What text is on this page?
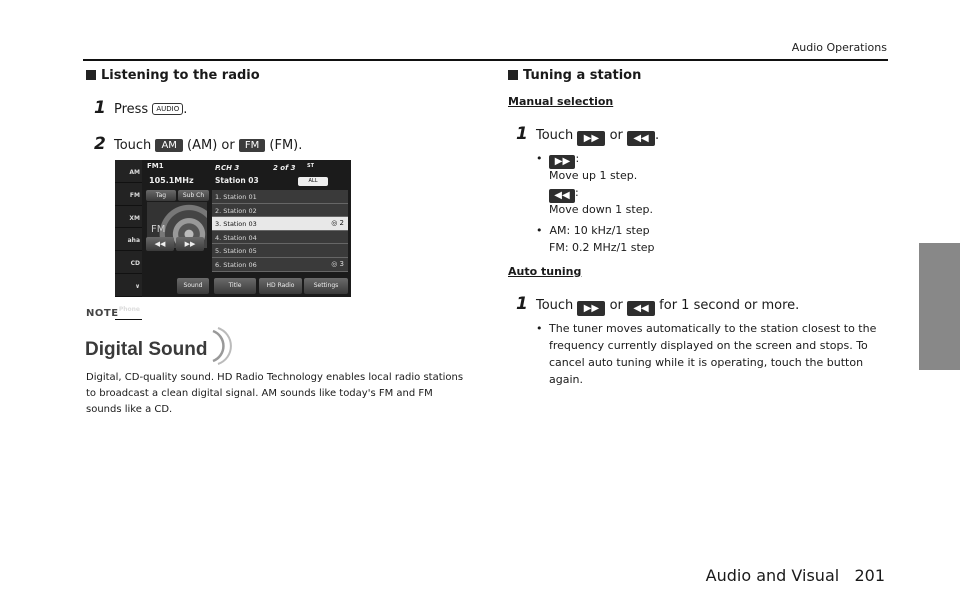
Audio Operations
Listening to the radio
1 Press AUDIO .
2 Touch AM (AM) or FM (FM).
AM
FM
XM
aha
CD
∨
Phone
FM1	P.CH 3	2 of 3
105.1MHz	Station 03
ST
ALL
Tag	Sub Ch
FM
◀◀	▶▶
1. Station 01
2. Station 02
3. Station 03	◎ 2
4. Station 04
5. Station 05
6. Station 06	◎ 3
Sound	Title	HD Radio	Settings
NOTE
Digital Sound
Digital, CD-quality sound. HD Radio Technology enables local radio stations to broadcast a clean digital signal. AM sounds like today's FM and FM sounds like a CD.
Tuning a station
Manual selection
1 Touch ▶▶ or ◀◀ .
•  ▶▶ :
Move up 1 step.
◀◀ :
Move down 1 step.
•  AM: 10 kHz/1 step
FM: 0.2 MHz/1 step
Auto tuning
1 Touch ▶▶ or ◀◀ for 1 second or more.
• The tuner moves automatically to the station closest to the frequency currently displayed on the screen and stops. To cancel auto tuning while it is operating, touch the button again.
Audio and Visual 201
